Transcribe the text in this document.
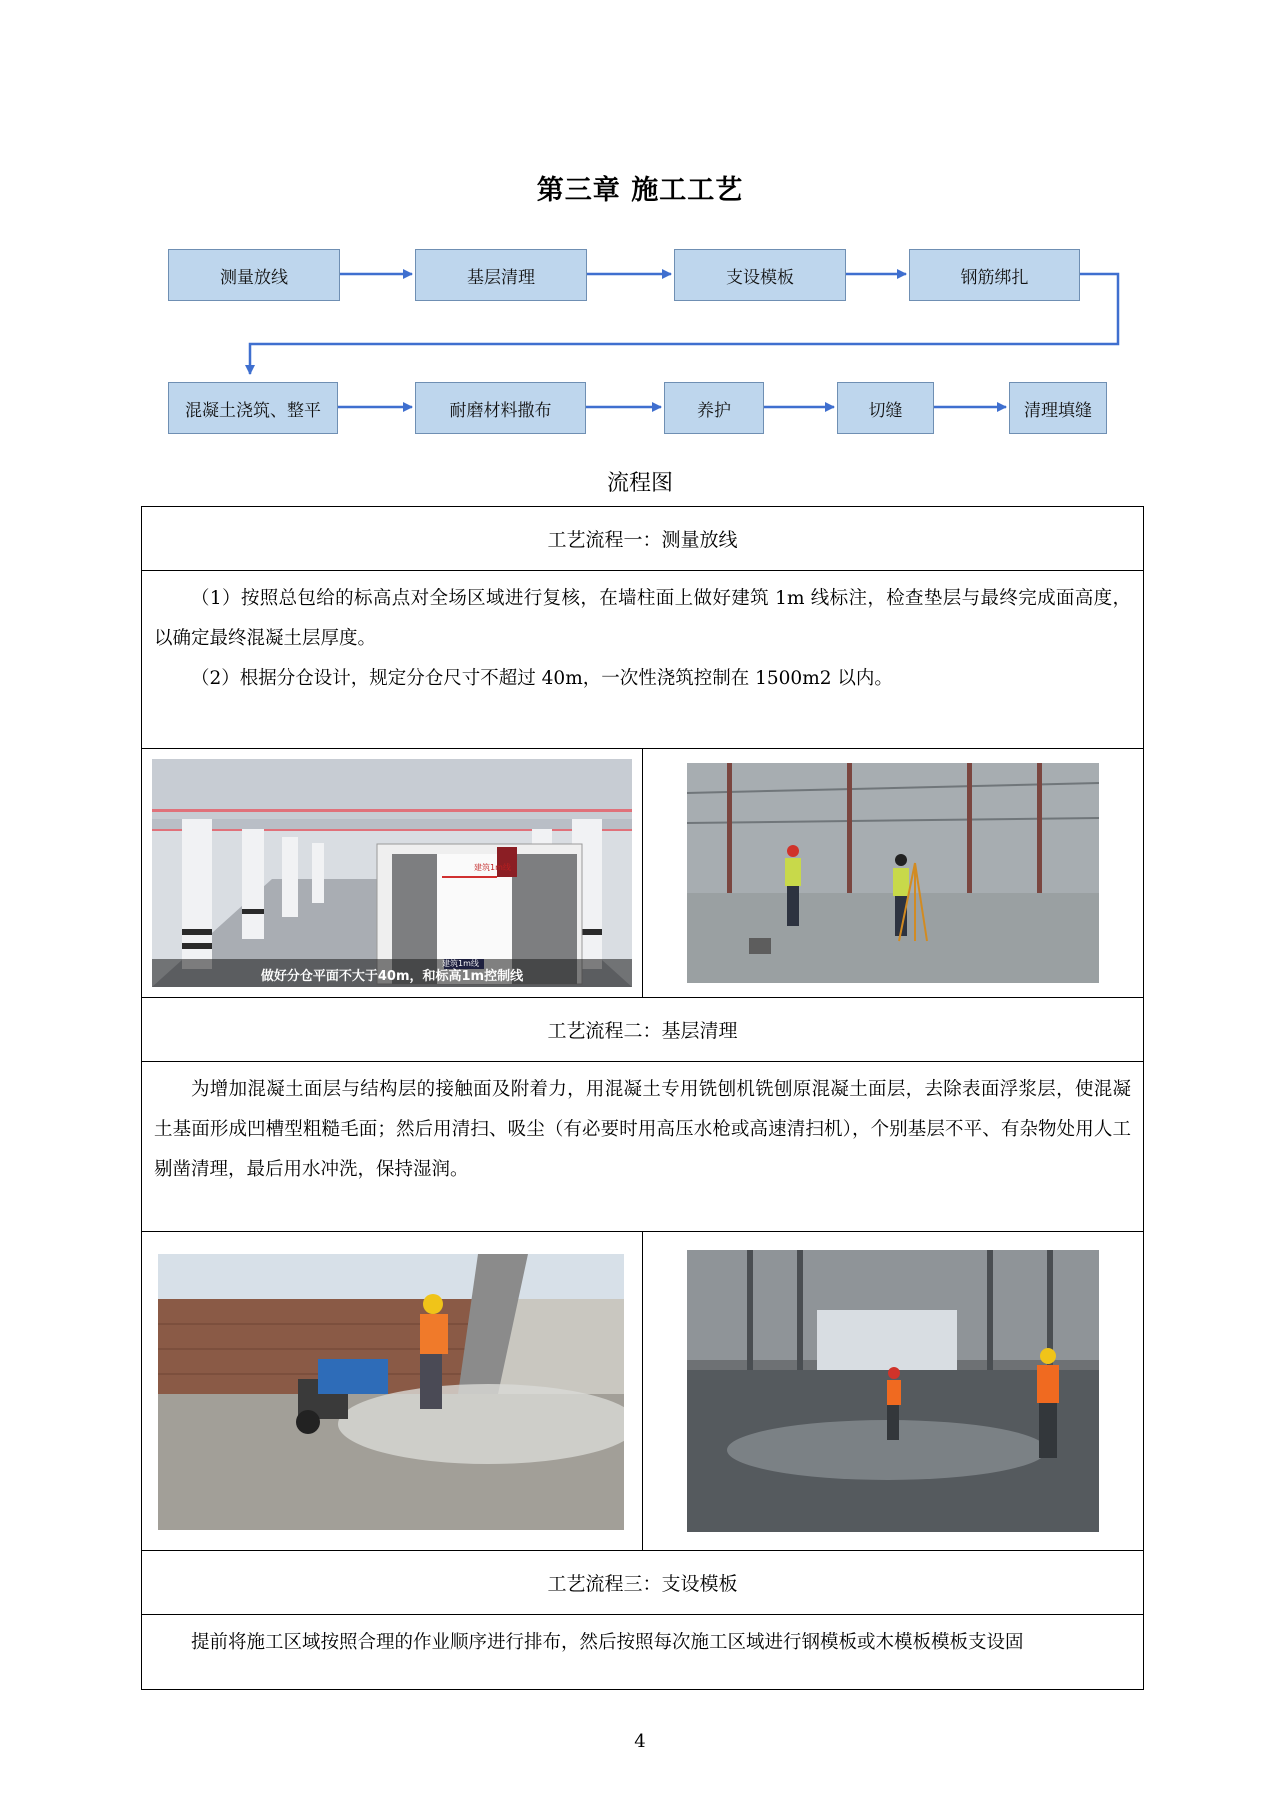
第三章 施工工艺
测量放线	基层清理	支设模板	钢筋绑扎
混凝土浇筑、整平	耐磨材料撒布	养护	切缝	清理填缝
流程图
工艺流程一：测量放线	

（1）按照总包给的标高点对全场区域进行复核，在墙柱面上做好建筑 1m 线标注，检查垫层与最终完成面高度，以确定最终混凝土层厚度。

（2）根据分仓设计，规定分仓尺寸不超过 40m，一次性浇筑控制在 1500m2 以内。	

建筑1m线
建筑1m线
做好分仓平面不大于40m，和标高1m控制线

工艺流程二：基层清理	

为增加混凝土面层与结构层的接触面及附着力，用混凝土专用铣刨机铣刨原混凝土面层，去除表面浮浆层，使混凝土基面形成凹槽型粗糙毛面；然后用清扫、吸尘（有必要时用高压水枪或高速清扫机），个别基层不平、有杂物处用人工剔凿清理，最后用水冲洗，保持湿润。	

工艺流程三：支设模板	

提前将施工区域按照合理的作业顺序进行排布，然后按照每次施工区域进行钢模板或木模板模板支设固	

4
